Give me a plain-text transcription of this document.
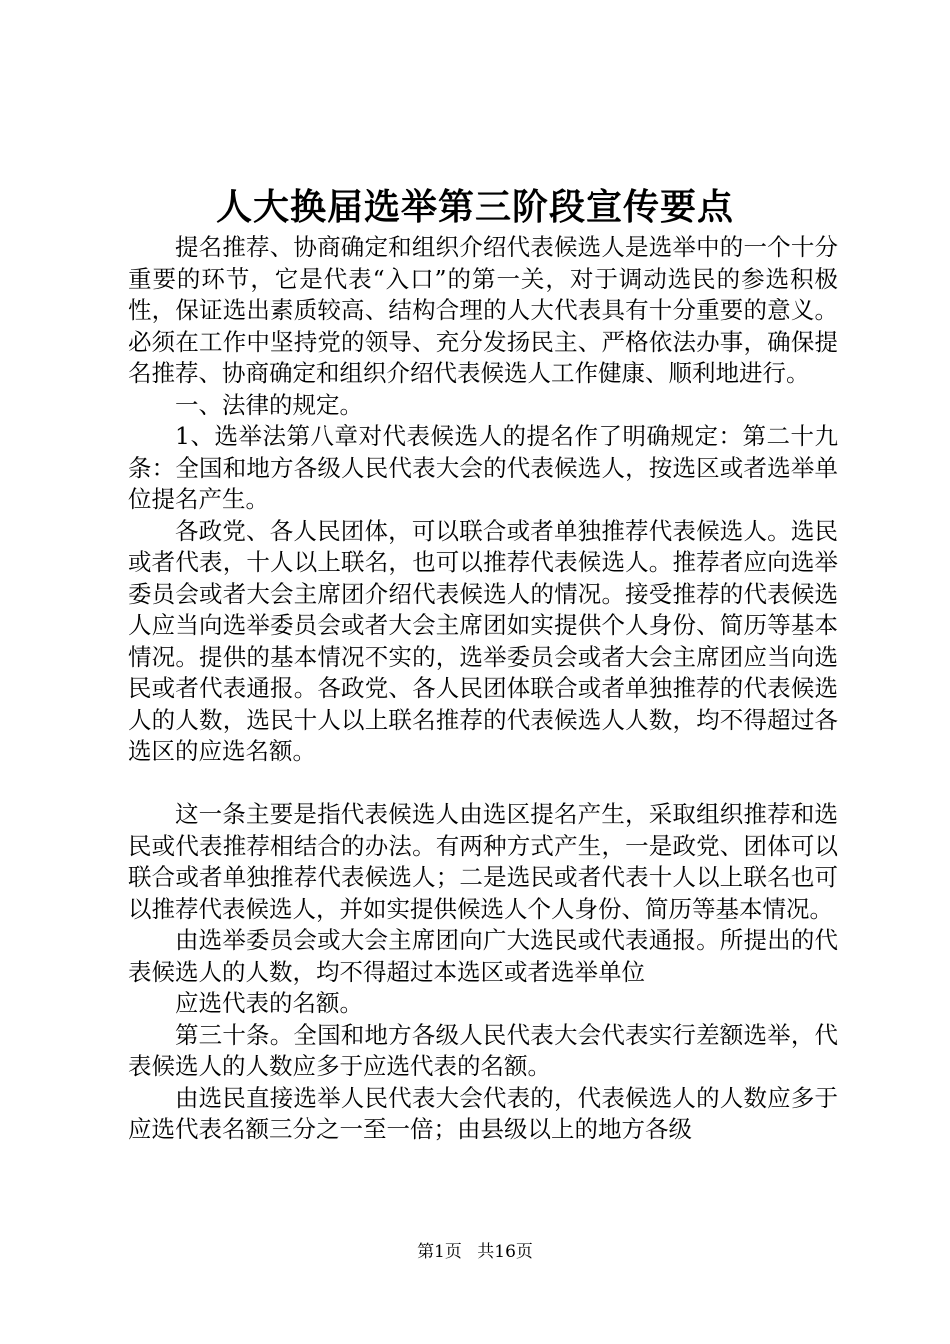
人大换届选举第三阶段宣传要点

提名推荐、协商确定和组织介绍代表候选人是选举中的一个十分重要的环节，它是代表“入口”的第一关，对于调动选民的参选积极性，保证选出素质较高、结构合理的人大代表具有十分重要的意义。必须在工作中坚持党的领导、充分发扬民主、严格依法办事，确保提名推荐、协商确定和组织介绍代表候选人工作健康、顺利地进行。

一、法律的规定。

1、选举法第八章对代表候选人的提名作了明确规定：第二十九条：全国和地方各级人民代表大会的代表候选人，按选区或者选举单位提名产生。

各政党、各人民团体，可以联合或者单独推荐代表候选人。选民或者代表，十人以上联名，也可以推荐代表候选人。推荐者应向选举委员会或者大会主席团介绍代表候选人的情况。接受推荐的代表候选人应当向选举委员会或者大会主席团如实提供个人身份、简历等基本情况。提供的基本情况不实的，选举委员会或者大会主席团应当向选民或者代表通报。各政党、各人民团体联合或者单独推荐的代表候选人的人数，选民十人以上联名推荐的代表候选人人数，均不得超过各选区的应选名额。

这一条主要是指代表候选人由选区提名产生，采取组织推荐和选民或代表推荐相结合的办法。有两种方式产生，一是政党、团体可以联合或者单独推荐代表候选人；二是选民或者代表十人以上联名也可以推荐代表候选人，并如实提供候选人个人身份、简历等基本情况。

由选举委员会或大会主席团向广大选民或代表通报。所提出的代表候选人的人数，均不得超过本选区或者选举单位

应选代表的名额。

第三十条。全国和地方各级人民代表大会代表实行差额选举，代表候选人的人数应多于应选代表的名额。

由选民直接选举人民代表大会代表的，代表候选人的人数应多于应选代表名额三分之一至一倍；由县级以上的地方各级

第1页 共16页
